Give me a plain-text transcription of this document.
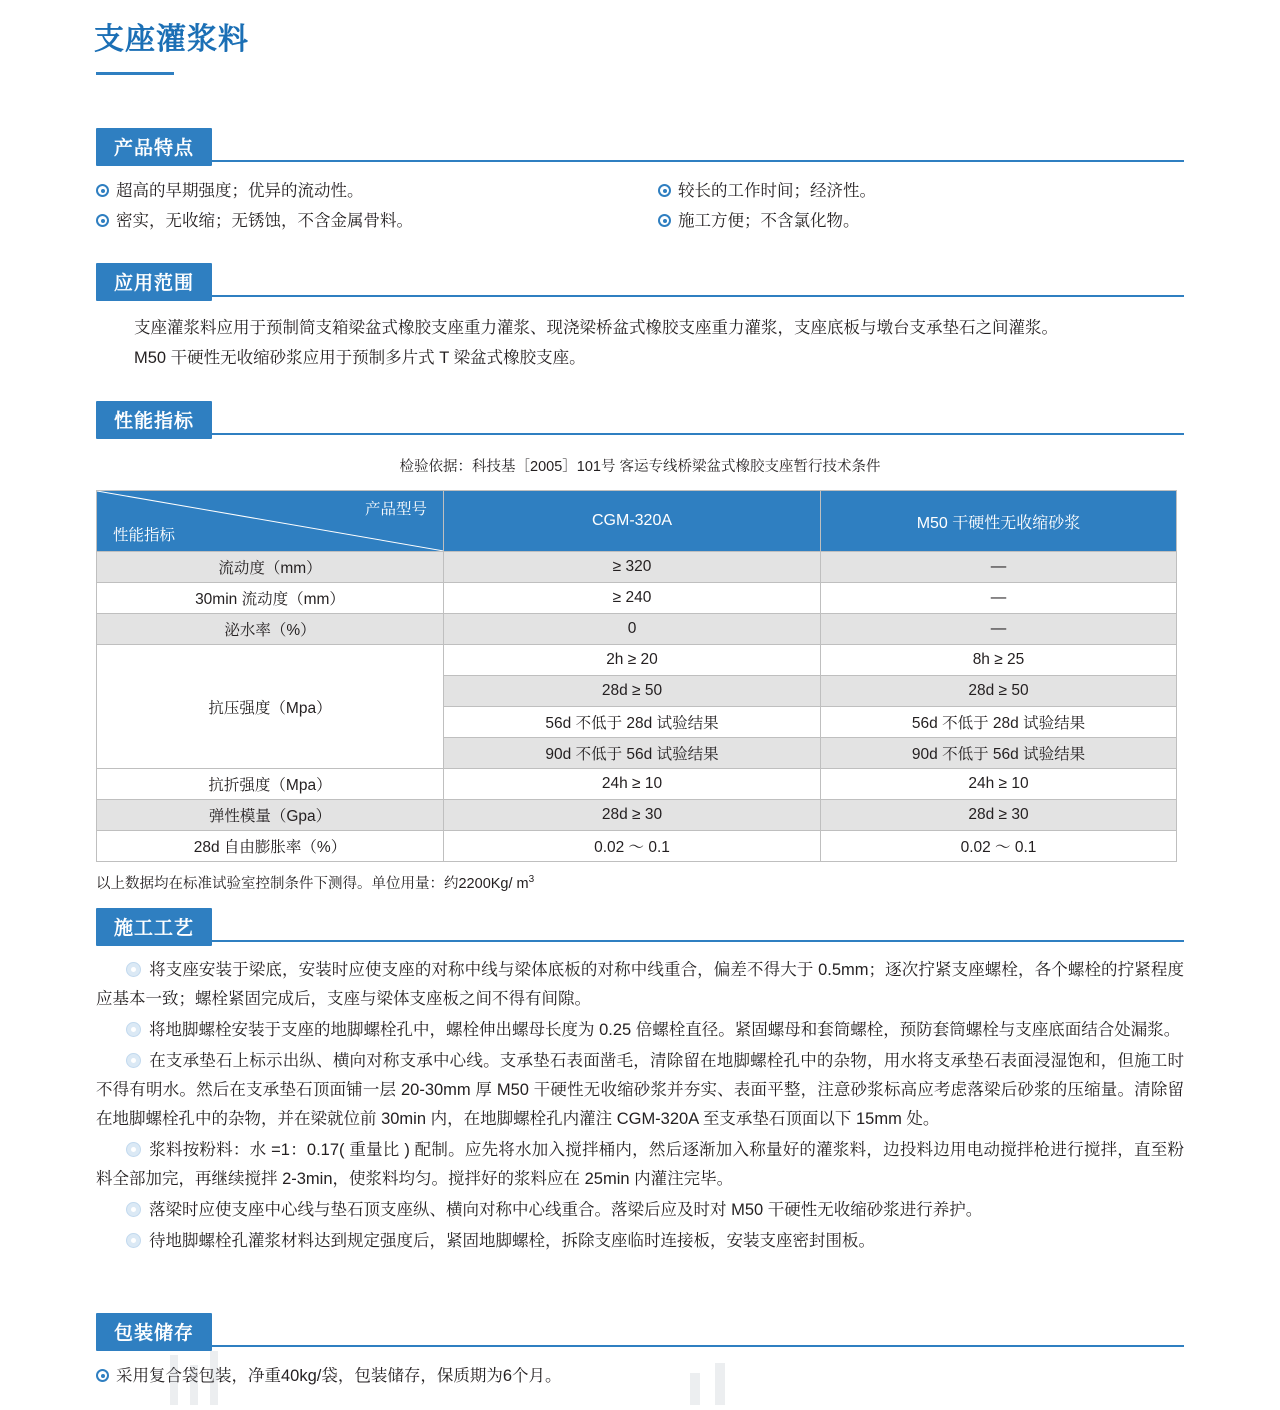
支座灌浆料
产品特点
超高的早期强度；优异的流动性。
密实，无收缩；无锈蚀，不含金属骨料。
较长的工作时间；经济性。
施工方便；不含氯化物。
应用范围
支座灌浆料应用于预制简支箱梁盆式橡胶支座重力灌浆、现浇梁桥盆式橡胶支座重力灌浆，支座底板与墩台支承垫石之间灌浆。
M50 干硬性无收缩砂浆应用于预制多片式 T 梁盆式橡胶支座。
性能指标
检验依据：科技基［2005］101号 客运专线桥梁盆式橡胶支座暂行技术条件
产品型号
性能指标	CGM-320A	M50 干硬性无收缩砂浆
流动度（mm）	≥ 320	—
30min 流动度（mm）	≥ 240	—
泌水率（%）	0	—
抗压强度（Mpa）	2h ≥ 20	8h ≥ 25
	28d ≥ 50	28d ≥ 50
	56d 不低于 28d 试验结果	56d 不低于 28d 试验结果
	90d 不低于 56d 试验结果	90d 不低于 56d 试验结果
抗折强度（Mpa）	24h ≥ 10	24h ≥ 10
弹性模量（Gpa）	28d ≥ 30	28d ≥ 30
28d 自由膨胀率（%）	0.02 ～ 0.1	0.02 ～ 0.1
以上数据均在标准试验室控制条件下测得。单位用量：约2200Kg/ $m^3$
施工工艺

将支座安装于梁底，安装时应使支座的对称中线与梁体底板的对称中线重合，偏差不得大于 0.5mm；逐次拧紧支座螺栓，各个螺栓的拧紧程度应基本一致；螺栓紧固完成后，支座与梁体支座板之间不得有间隙。

将地脚螺栓安装于支座的地脚螺栓孔中，螺栓伸出螺母长度为 0.25 倍螺栓直径。紧固螺母和套筒螺栓，预防套筒螺栓与支座底面结合处漏浆。

在支承垫石上标示出纵、横向对称支承中心线。支承垫石表面凿毛，清除留在地脚螺栓孔中的杂物，用水将支承垫石表面浸湿饱和，但施工时不得有明水。然后在支承垫石顶面铺一层 20-30mm 厚 M50 干硬性无收缩砂浆并夯实、表面平整，注意砂浆标高应考虑落梁后砂浆的压缩量。清除留在地脚螺栓孔中的杂物，并在梁就位前 30min 内，在地脚螺栓孔内灌注 CGM-320A 至支承垫石顶面以下 15mm 处。

浆料按粉料：水 =1：0.17( 重量比 ) 配制。应先将水加入搅拌桶内，然后逐渐加入称量好的灌浆料，边投料边用电动搅拌枪进行搅拌，直至粉料全部加完，再继续搅拌 2-3min，使浆料均匀。搅拌好的浆料应在 25min 内灌注完毕。

落梁时应使支座中心线与垫石顶支座纵、横向对称中心线重合。落梁后应及时对 M50 干硬性无收缩砂浆进行养护。

待地脚螺栓孔灌浆材料达到规定强度后，紧固地脚螺栓，拆除支座临时连接板，安装支座密封围板。

包装储存
采用复合袋包装，净重40kg/袋，包装储存，保质期为6个月。
